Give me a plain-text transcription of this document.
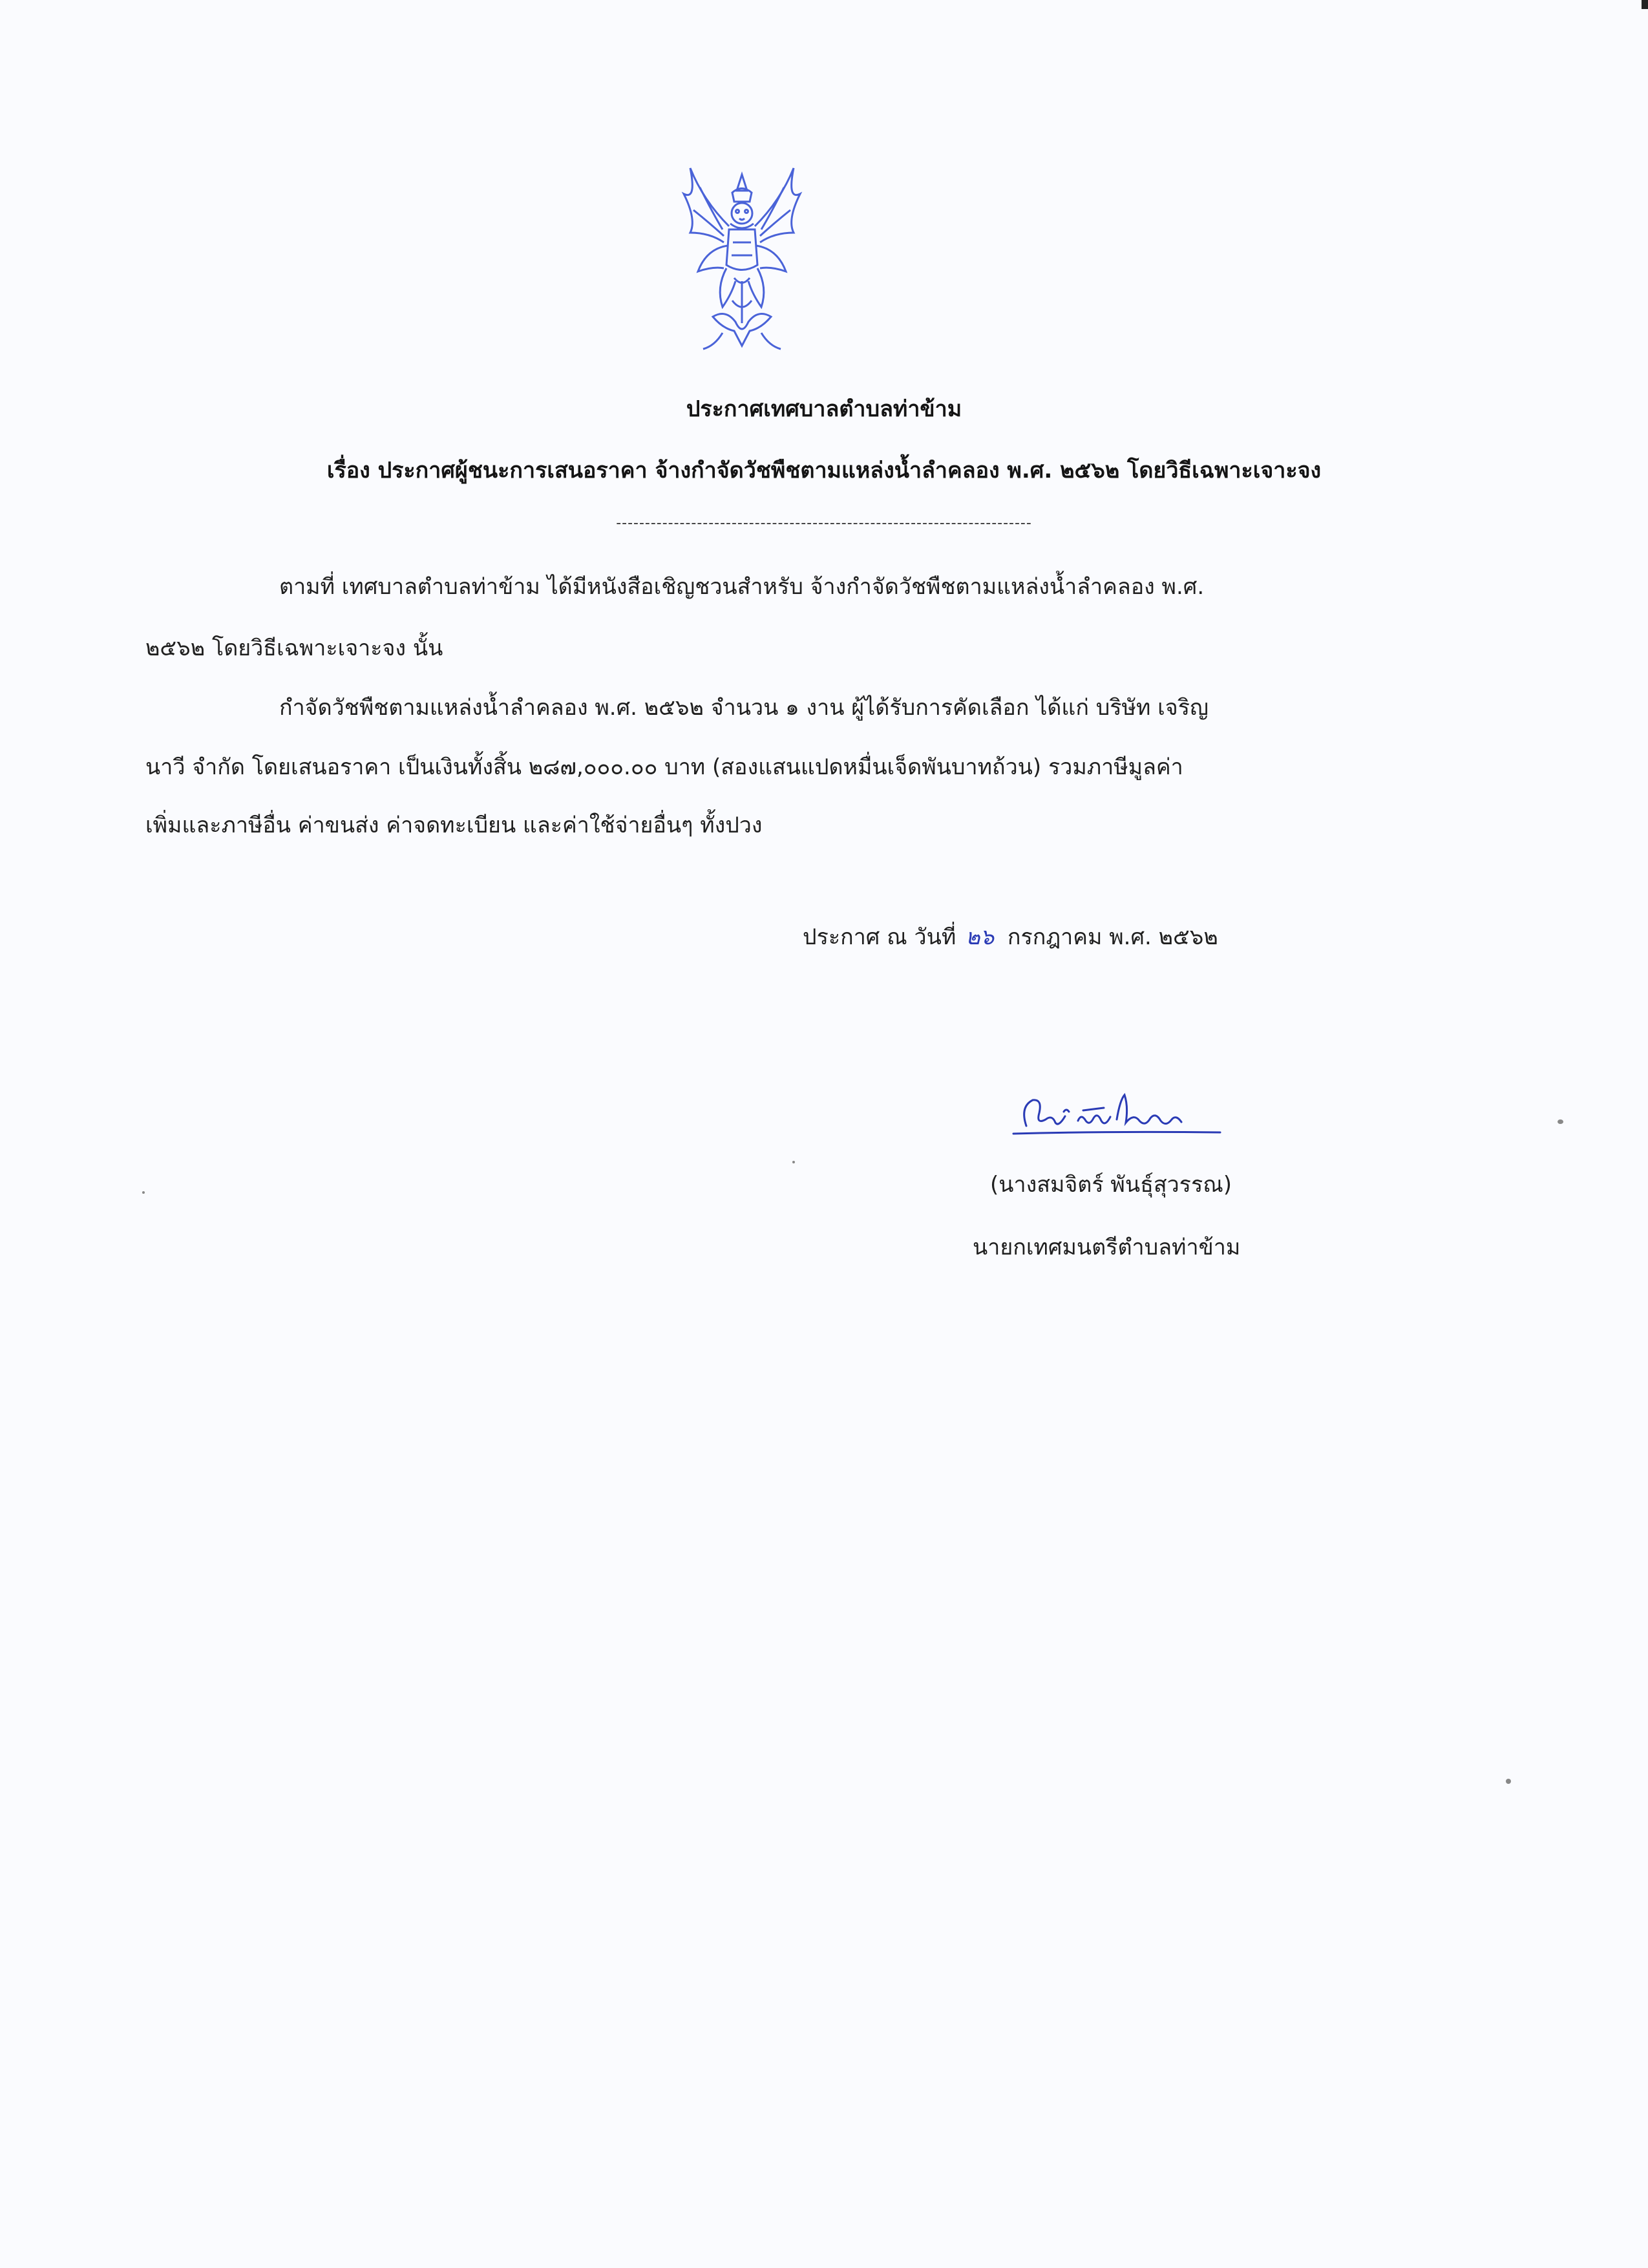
ประกาศเทศบาลตำบลท่าข้าม
เรื่อง ประกาศผู้ชนะการเสนอราคา จ้างกำจัดวัชพืชตามแหล่งน้ำลำคลอง พ.ศ. ๒๕๖๒ โดยวิธีเฉพาะเจาะจง
------------------------------------------------------------------------
ตามที่ เทศบาลตำบลท่าข้าม ได้มีหนังสือเชิญชวนสำหรับ จ้างกำจัดวัชพืชตามแหล่งน้ำลำคลอง พ.ศ.
๒๕๖๒ โดยวิธีเฉพาะเจาะจง นั้น
กำจัดวัชพืชตามแหล่งน้ำลำคลอง พ.ศ. ๒๕๖๒ จำนวน ๑ งาน ผู้ได้รับการคัดเลือก ได้แก่ บริษัท เจริญ
นาวี จำกัด โดยเสนอราคา เป็นเงินทั้งสิ้น ๒๘๗,๐๐๐.๐๐ บาท (สองแสนแปดหมื่นเจ็ดพันบาทถ้วน) รวมภาษีมูลค่า
เพิ่มและภาษีอื่น ค่าขนส่ง ค่าจดทะเบียน และค่าใช้จ่ายอื่นๆ ทั้งปวง
ประกาศ ณ วันที่ ๒๖ กรกฎาคม พ.ศ. ๒๕๖๒
(นางสมจิตร์ พันธุ์สุวรรณ)
นายกเทศมนตรีตำบลท่าข้าม
